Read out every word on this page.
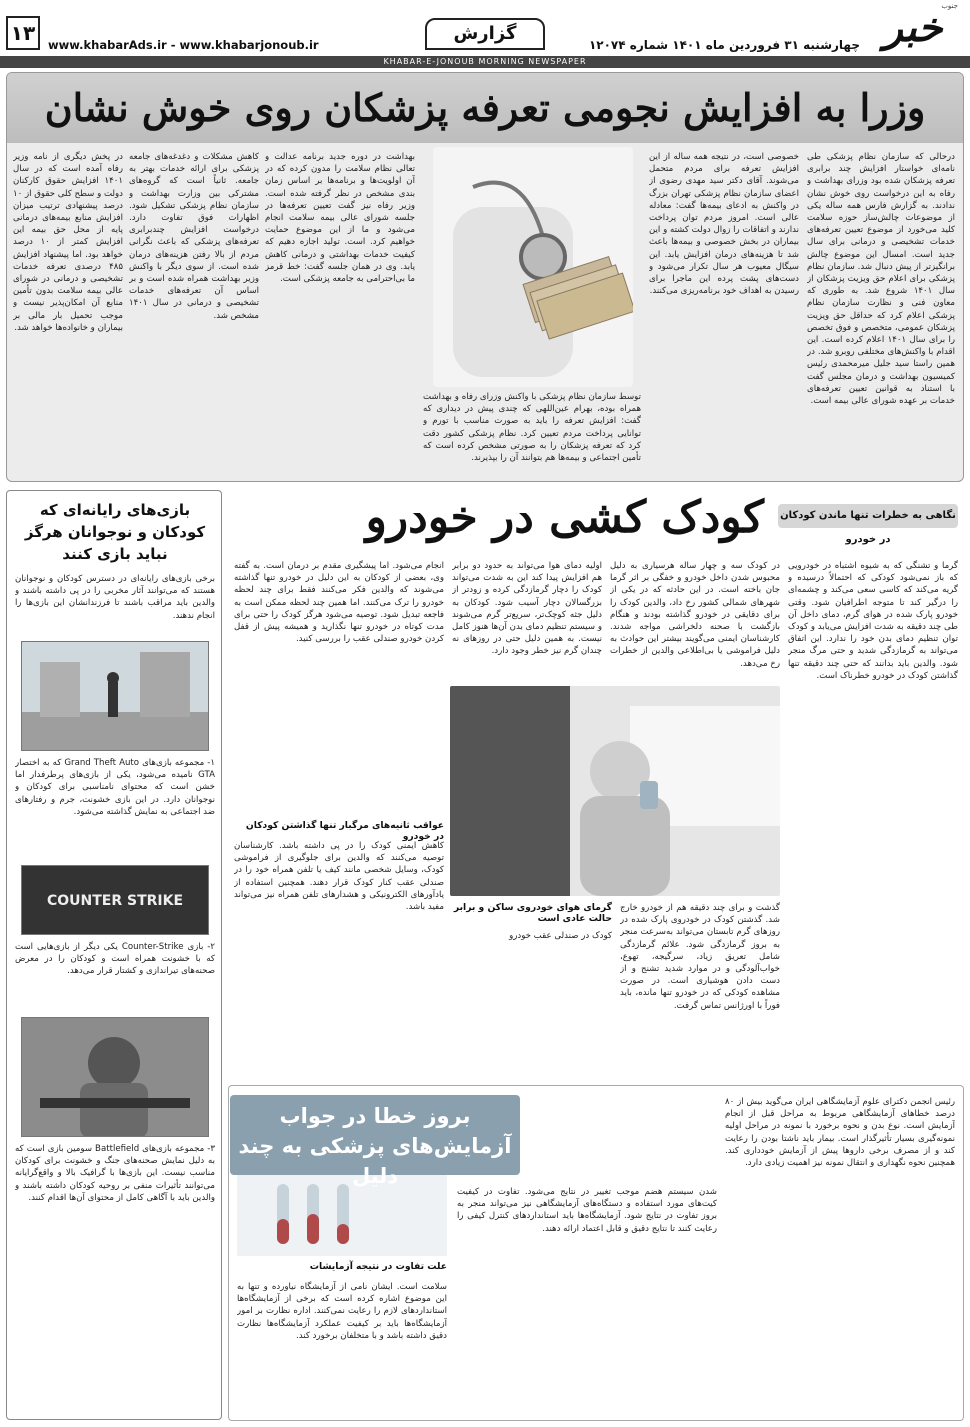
خبر
جنوب
چهارشنبه ۳۱ فروردین ماه ۱۴۰۱ شماره ۱۲۰۷۴
گزارش
www.khabarAds.ir - www.khabarjonoub.ir
۱۳
KHABAR-E-JONOUB MORNING NEWSPAPER
وزرا به افزایش نجومی تعرفه پزشکان روی خوش نشان
درحالی که سازمان نظام پزشکی طی نامه‌ای خواستار افزایش چند برابری تعرفه پزشکان شده بود وزرای بهداشت و رفاه به این درخواست روی خوش نشان ندادند. به گزارش فارس همه ساله یکی از موضوعات چالش‌ساز حوزه سلامت کلید می‌خورد از موضوع تعیین تعرفه‌های خدمات تشخیصی و درمانی برای سال جدید است. امسال این موضوع چالش برانگیزتر از پیش دنبال شد. سازمان نظام پزشکی برای اعلام حق ویزیت پزشکان از سال ۱۴۰۱ شروع شد. به طوری که معاون فنی و نظارت سازمان نظام پزشکی اعلام کرد که حداقل حق ویزیت پزشکان عمومی، متخصص و فوق تخصص را برای سال ۱۴۰۱ اعلام کرده است. این اقدام با واکنش‌های مختلفی روبرو شد. در همین راستا سید جلیل میرمحمدی رئیس کمیسیون بهداشت و درمان مجلس گفت با استناد به قوانین تعیین تعرفه‌های خدمات بر عهده شورای عالی بیمه است.
خصوصی است، در نتیجه همه ساله از این افزایش تعرفه برای مردم متحمل می‌شوند. آقای دکتر سید مهدی رضوی از اعضای سازمان نظام پزشکی تهران بزرگ در واکنش به ادعای بیمه‌ها گفت: معادله عالی است. امروز مردم توان پرداخت ندارند و اتفاقات را زوال دولت کشته و این بیماران در بخش خصوصی و بیمه‌ها باعث شد تا هزینه‌های درمان افزایش یابد. این سیگال معیوب هر سال تکرار می‌شود و دست‌های پشت پرده این ماجرا برای رسیدن به اهداف خود برنامه‌ریزی می‌کنند.
بهداشت در دوره جدید برنامه عدالت و تعالی نظام سلامت را مدون کرده که در آن اولویت‌ها و برنامه‌ها بر اساس زمان بندی مشخص در نظر گرفته شده است. وزیر رفاه نیز گفت تعیین تعرفه‌ها در جلسه شورای عالی بیمه سلامت انجام می‌شود و ما از این موضوع حمایت خواهیم کرد. است. تولید اجازه دهیم که کیفیت خدمات بهداشتی و درمانی کاهش یابد. وی در همان جلسه گفت: خط قرمز ما بی‌احترامی به جامعه پزشکی است.
کاهش مشکلات و دغدغه‌های جامعه پزشکی برای ارائه خدمات بهتر به جامعه. ثانیاً است که گروه‌های مشترکی بین وزارت بهداشت و سازمان نظام پزشکی تشکیل شود. اظهارات فوق تفاوت دارد. درخواست افزایش چندبرابری تعرفه‌های پزشکی که باعث نگرانی مردم از بالا رفتن هزینه‌های درمان شده است. از سوی دیگر با واکنش وزیر بهداشت همراه شده است و بر اساس آن تعرفه‌های خدمات تشخیصی و درمانی در سال ۱۴۰۱ مشخص شد.
در پخش دیگری از نامه وزیر رفاه آمده است که در سال ۱۴۰۱ افزایش حقوق کارکنان دولت و سطح کلی حقوق از ۱۰ درصد پیشنهادی ترتیب میزان افزایش منابع بیمه‌های درمانی پایه از محل حق بیمه این افزایش کمتر از ۱۰ درصد خواهد بود. اما پیشنهاد افزایش ۴۸۵ درصدی تعرفه خدمات تشخیصی و درمانی در شورای عالی بیمه سلامت بدون تأمین منابع آن امکان‌پذیر نیست و موجب تحمیل بار مالی بر بیماران و خانواده‌ها خواهد شد.
توسط سازمان نظام پزشکی با واکنش وزرای رفاه و بهداشت همراه بوده، بهرام عین‌اللهی که چندی پیش در دیداری که گفت: افزایش تعرفه را باید به صورت مناسب با تورم و توانایی پرداخت مردم تعیین کرد. نظام پزشکی کشور دقت کرد که تعرفه پزشکان را به صورتی مشخص کرده است که تأمین اجتماعی و بیمه‌ها هم بتوانند آن را بپذیرند.
نگاهی به خطرات تنها ماندن کودکان در خودرو
کودک کشی در خودرو
گرما و تشنگی که به شیوه اشتباه در خودرویی که باز نمی‌شود کودکی که احتمالاً درسیده و گریه می‌کند که کاسی سعی می‌کند و چشمه‌ای را درگیر کند تا متوجه اطرافیان شود. وقتی خودرو پارک شده در هوای گرم، دمای داخل آن طی چند دقیقه به شدت افزایش می‌یابد و کودک توان تنظیم دمای بدن خود را ندارد. این اتفاق می‌تواند به گرمازدگی شدید و حتی مرگ منجر شود. والدین باید بدانند که حتی چند دقیقه تنها گذاشتن کودک در خودرو خطرناک است.
در کودک سه و چهار ساله هرسیاری به دلیل محبوس شدن داخل خودرو و خفگی بر اثر گرما جان باخته است. در این حادثه که در یکی از شهرهای شمالی کشور رخ داد، والدین کودک را برای دقایقی در خودرو گذاشته بودند و هنگام بازگشت با صحنه دلخراشی مواجه شدند. کارشناسان ایمنی می‌گویند بیشتر این حوادث به دلیل فراموشی یا بی‌اطلاعی والدین از خطرات رخ می‌دهد.
اولیه دمای هوا می‌تواند به حدود دو برابر هم افزایش پیدا کند این به شدت می‌تواند کودک را دچار گرمازدگی کرده و زودتر از بزرگسالان دچار آسیب شود. کودکان به دلیل جثه کوچک‌تر، سریع‌تر گرم می‌شوند و سیستم تنظیم دمای بدن آن‌ها هنوز کامل نیست. به همین دلیل حتی در روزهای نه چندان گرم نیز خطر وجود دارد.
انجام می‌شود. اما پیشگیری مقدم بر درمان است. به گفته وی، بعضی از کودکان به این دلیل در خودرو تنها گذاشته می‌شوند که والدین فکر می‌کنند فقط برای چند لحظه خودرو را ترک می‌کنند. اما همین چند لحظه ممکن است به فاجعه تبدیل شود. توصیه می‌شود هرگز کودک را حتی برای مدت کوتاه در خودرو تنها نگذارید و همیشه پیش از قفل کردن خودرو صندلی عقب را بررسی کنید.
عواقب ثانیه‌های مرگبار تنها گذاشتن کودکان در خودرو
کاهش ایمنی کودک را در پی داشته باشد. کارشناسان توصیه می‌کنند که والدین برای جلوگیری از فراموشی کودک، وسایل شخصی مانند کیف یا تلفن همراه خود را در صندلی عقب کنار کودک قرار دهند. همچنین استفاده از یادآورهای الکترونیکی و هشدارهای تلفن همراه نیز می‌تواند مفید باشد.	گذشت و برای چند دقیقه هم از خودرو خارج شد. گذشتن کودک در خودروی پارک شده در روزهای گرم تابستان می‌تواند به‌سرعت منجر به بروز گرمازدگی شود. علائم گرمازدگی شامل تعریق زیاد، سرگیجه، تهوع، خواب‌آلودگی و در موارد شدید تشنج و از دست دادن هوشیاری است. در صورت مشاهده کودکی که در خودرو تنها مانده، باید فوراً با اورژانس تماس گرفت.
گرمای هوای خودروی ساکن و برابر حالت عادی است
کودک در صندلی عقب خودرو
بازی‌های رایانه‌ای که کودکان و نوجوانان هرگز نباید بازی کنند
برخی بازی‌های رایانه‌ای در دسترس کودکان و نوجوانان هستند که می‌توانند آثار مخربی را در پی داشته باشند و والدین باید مراقب باشند تا فرزندانشان این بازی‌ها را انجام ندهند.
۱- مجموعه بازی‌های Grand Theft Auto که به اختصار GTA نامیده می‌شود، یکی از بازی‌های پرطرفدار اما خشن است که محتوای نامناسبی برای کودکان و نوجوانان دارد. در این بازی خشونت، جرم و رفتارهای ضد اجتماعی به نمایش گذاشته می‌شود.
COUNTER STRIKE
۲- بازی Counter-Strike یکی دیگر از بازی‌هایی است که با خشونت همراه است و کودکان را در معرض صحنه‌های تیراندازی و کشتار قرار می‌دهد.
۳- مجموعه بازی‌های Battlefield سومین بازی است که به دلیل نمایش صحنه‌های جنگ و خشونت برای کودکان مناسب نیست. این بازی‌ها با گرافیک بالا و واقع‌گرایانه می‌توانند تأثیرات منفی بر روحیه کودکان داشته باشند و والدین باید با آگاهی کامل از محتوای آن‌ها اقدام کنند.
رئیس انجمن دکترای علوم آزمایشگاهی ایران می‌گوید بیش از ۸۰ درصد خطاهای آزمایشگاهی مربوط به مراحل قبل از انجام آزمایش است. نوع بدن و نحوه برخورد با نمونه در مراحل اولیه نمونه‌گیری بسیار تأثیرگذار است. بیمار باید ناشتا بودن را رعایت کند و از مصرف برخی داروها پیش از آزمایش خودداری کند. همچنین نحوه نگهداری و انتقال نمونه نیز اهمیت زیادی دارد.
شدن سیستم هضم موجب تغییر در نتایج می‌شود. تفاوت در کیفیت کیت‌های مورد استفاده و دستگاه‌های آزمایشگاهی نیز می‌تواند منجر به بروز تفاوت در نتایج شود. آزمایشگاه‌ها باید استانداردهای کنترل کیفی را رعایت کنند تا نتایج دقیق و قابل اعتماد ارائه دهند.
علت تفاوت در نتیجه آزمایشات
سلامت است. ایشان نامی از آزمایشگاه نیاورده و تنها به این موضوع اشاره کرده است که برخی از آزمایشگاه‌ها استانداردهای لازم را رعایت نمی‌کنند. اداره نظارت بر امور آزمایشگاه‌ها باید بر کیفیت عملکرد آزمایشگاه‌ها نظارت دقیق داشته باشد و با متخلفان برخورد کند.
بروز خطا در جواب آزمایش‌های پزشکی به چند دلیل
